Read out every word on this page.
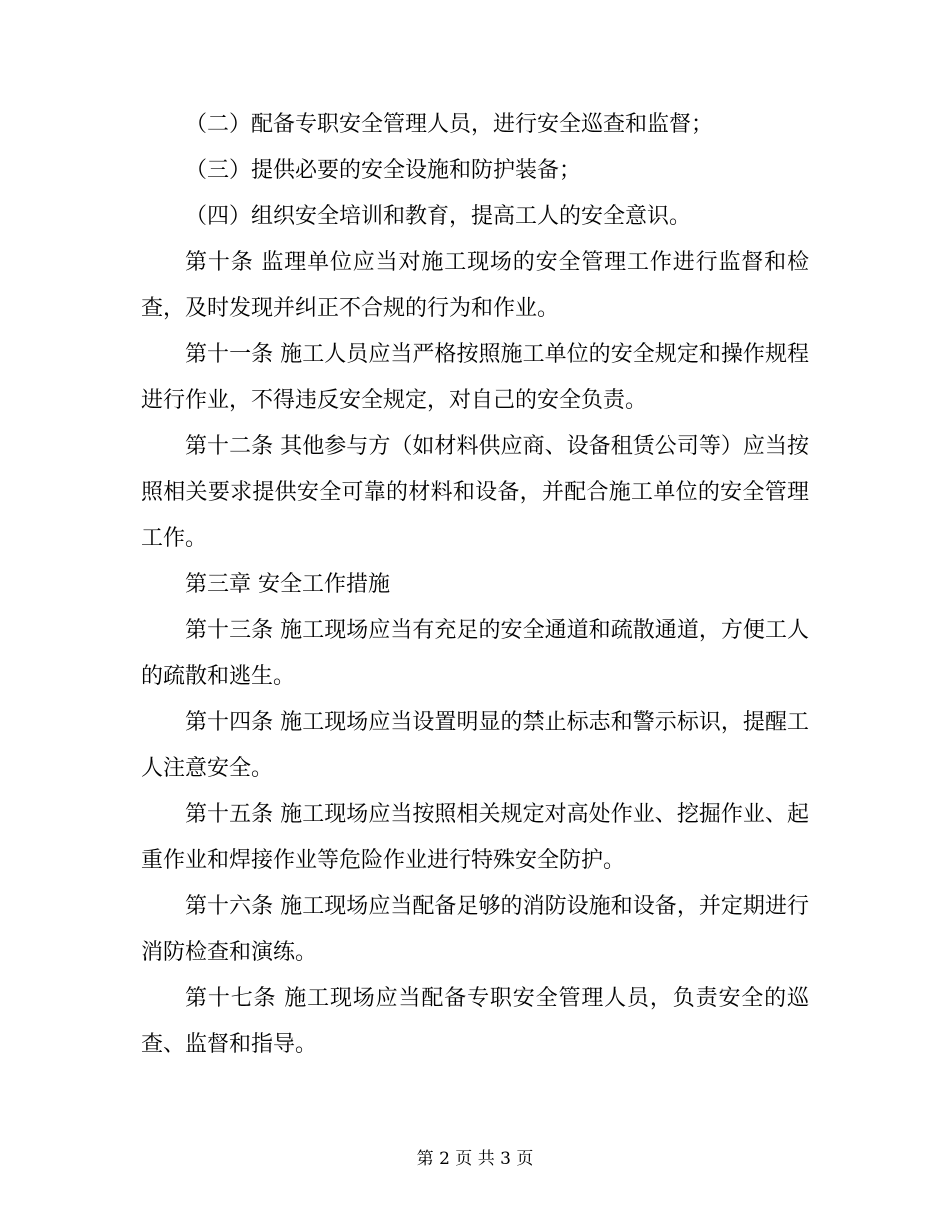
（二）配备专职安全管理人员，进行安全巡查和监督；

（三）提供必要的安全设施和防护装备；

（四）组织安全培训和教育，提高工人的安全意识。

第十条 监理单位应当对施工现场的安全管理工作进行监督和检查，及时发现并纠正不合规的行为和作业。

第十一条 施工人员应当严格按照施工单位的安全规定和操作规程进行作业，不得违反安全规定，对自己的安全负责。

第十二条 其他参与方（如材料供应商、设备租赁公司等）应当按照相关要求提供安全可靠的材料和设备，并配合施工单位的安全管理工作。

第三章 安全工作措施

第十三条 施工现场应当有充足的安全通道和疏散通道，方便工人的疏散和逃生。

第十四条 施工现场应当设置明显的禁止标志和警示标识，提醒工人注意安全。

第十五条 施工现场应当按照相关规定对高处作业、挖掘作业、起重作业和焊接作业等危险作业进行特殊安全防护。

第十六条 施工现场应当配备足够的消防设施和设备，并定期进行消防检查和演练。

第十七条 施工现场应当配备专职安全管理人员，负责安全的巡查、监督和指导。

第 2 页 共 3 页
